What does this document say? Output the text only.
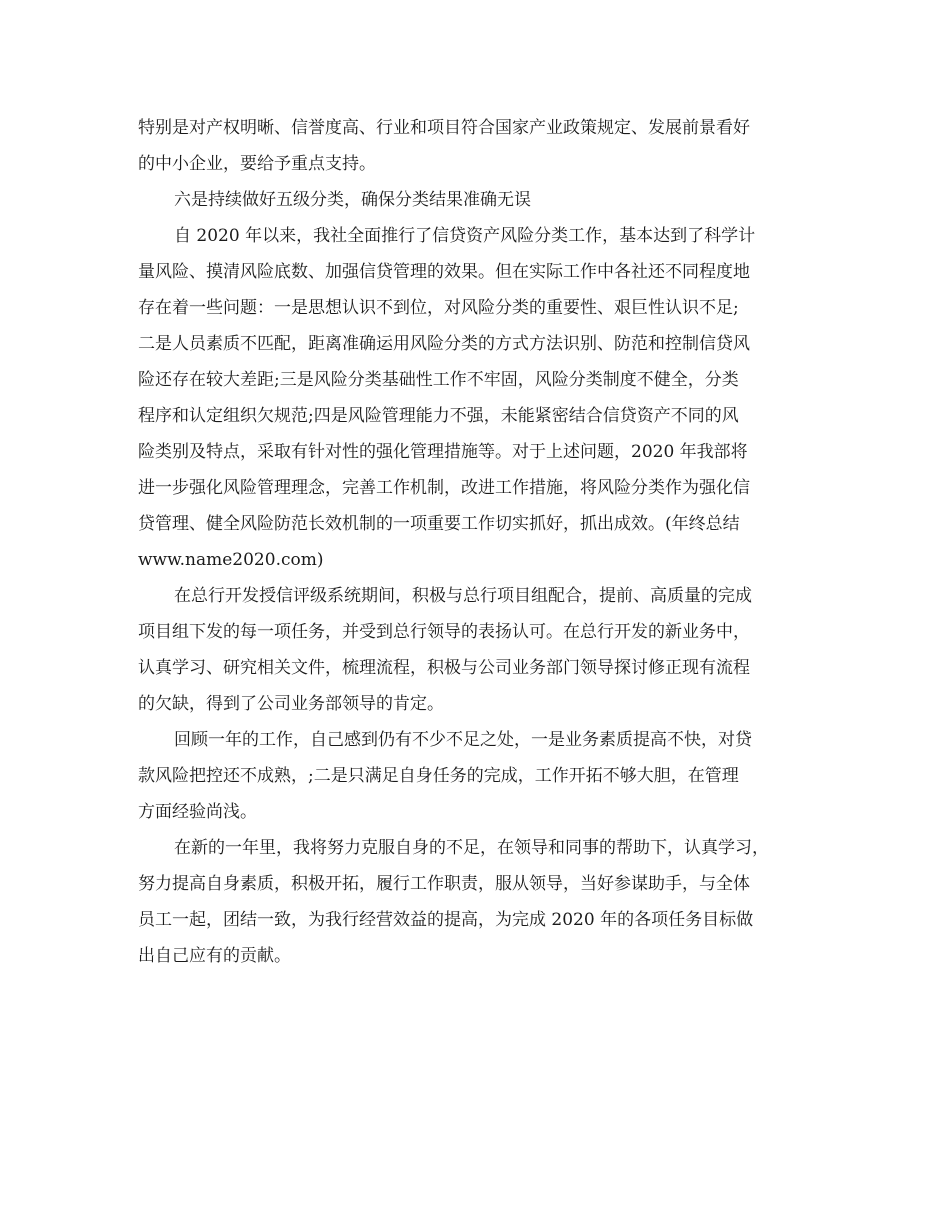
特别是对产权明晰、信誉度高、行业和项目符合国家产业政策规定、发展前景看好
的中小企业，要给予重点支持。
六是持续做好五级分类，确保分类结果准确无误
自 2020 年以来，我社全面推行了信贷资产风险分类工作，基本达到了科学计
量风险、摸清风险底数、加强信贷管理的效果。但在实际工作中各社还不同程度地
存在着一些问题：一是思想认识不到位，对风险分类的重要性、艰巨性认识不足;
二是人员素质不匹配，距离准确运用风险分类的方式方法识别、防范和控制信贷风
险还存在较大差距;三是风险分类基础性工作不牢固，风险分类制度不健全，分类
程序和认定组织欠规范;四是风险管理能力不强，未能紧密结合信贷资产不同的风
险类别及特点，采取有针对性的强化管理措施等。对于上述问题，2020 年我部将
进一步强化风险管理理念，完善工作机制，改进工作措施，将风险分类作为强化信
贷管理、健全风险防范长效机制的一项重要工作切实抓好，抓出成效。(年终总结
www.name2020.com)
在总行开发授信评级系统期间，积极与总行项目组配合，提前、高质量的完成
项目组下发的每一项任务，并受到总行领导的表扬认可。在总行开发的新业务中，
认真学习、研究相关文件，梳理流程，积极与公司业务部门领导探讨修正现有流程
的欠缺，得到了公司业务部领导的肯定。
回顾一年的工作，自己感到仍有不少不足之处，一是业务素质提高不快，对贷
款风险把控还不成熟，;二是只满足自身任务的完成，工作开拓不够大胆，在管理
方面经验尚浅。
在新的一年里，我将努力克服自身的不足，在领导和同事的帮助下，认真学习，
努力提高自身素质，积极开拓，履行工作职责，服从领导，当好参谋助手，与全体
员工一起，团结一致，为我行经营效益的提高，为完成 2020 年的各项任务目标做
出自己应有的贡献。
